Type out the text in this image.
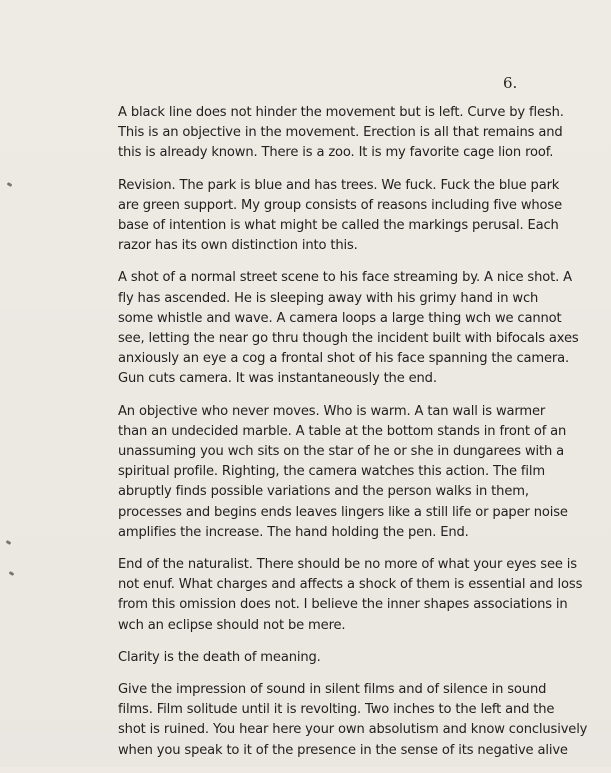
6.

A black line does not hinder the movement but is left. Curve by flesh.
This is an objective in the movement. Erection is all that remains and
this is already known. There is a zoo. It is my favorite cage lion roof.

Revision. The park is blue and has trees. We fuck. Fuck the blue park
are green support. My group consists of reasons including five whose
base of intention is what might be called the markings perusal. Each
razor has its own distinction into this.

A shot of a normal street scene to his face streaming by. A nice shot. A
fly has ascended. He is sleeping away with his grimy hand in wch
some whistle and wave. A camera loops a large thing wch we cannot
see, letting the near go thru though the incident built with bifocals axes
anxiously an eye a cog a frontal shot of his face spanning the camera.
Gun cuts camera. It was instantaneously the end.

An objective who never moves. Who is warm. A tan wall is warmer
than an undecided marble. A table at the bottom stands in front of an
unassuming you wch sits on the star of he or she in dungarees with a
spiritual profile. Righting, the camera watches this action. The film
abruptly finds possible variations and the person walks in them,
processes and begins ends leaves lingers like a still life or paper noise
amplifies the increase. The hand holding the pen. End.

End of the naturalist. There should be no more of what your eyes see is
not enuf. What charges and affects a shock of them is essential and loss
from this omission does not. I believe the inner shapes associations in
wch an eclipse should not be mere.

Clarity is the death of meaning.

Give the impression of sound in silent films and of silence in sound
films. Film solitude until it is revolting. Two inches to the left and the
shot is ruined. You hear here your own absolutism and know conclusively
when you speak to it of the presence in the sense of its negative alive
